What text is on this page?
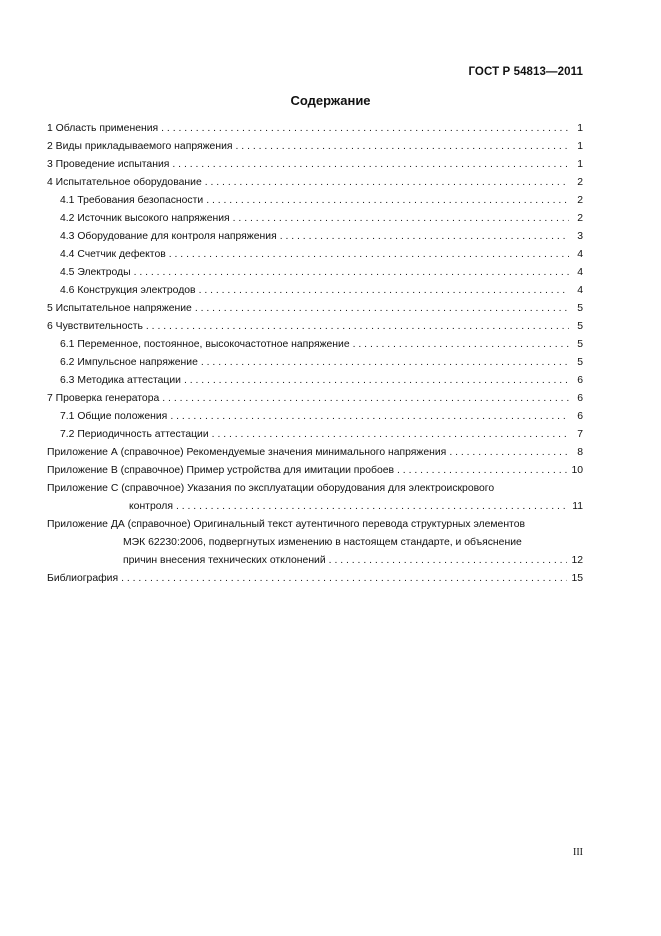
ГОСТ Р 54813—2011
Содержание
1 Область применения . . .	1
2 Виды прикладываемого напряжения . . .	1
3 Проведение испытания . . .	1
4 Испытательное оборудование . . .	2
4.1 Требования безопасности . . .	2
4.2 Источник высокого напряжения . . .	2
4.3 Оборудование для контроля напряжения . . .	3
4.4 Счетчик дефектов . . .	4
4.5 Электроды . . .	4
4.6 Конструкция электродов . . .	4
5 Испытательное напряжение . . .	5
6 Чувствительность . . .	5
6.1 Переменное, постоянное, высокочастотное напряжение . . .	5
6.2 Импульсное напряжение . . .	5
6.3 Методика аттестации . . .	6
7 Проверка генератора . . .	6
7.1 Общие положения . . .	6
7.2 Периодичность аттестации . . .	7
Приложение А (справочное) Рекомендуемые значения минимального напряжения . . .	8
Приложение В (справочное) Пример устройства для имитации пробоев . . .	10
Приложение С (справочное) Указания по эксплуатации оборудования для электроискрового
контроля . . .	11
Приложение ДА (справочное) Оригинальный текст аутентичного перевода структурных элементов
МЭК 62230:2006, подвергнутых изменению в настоящем стандарте, и объяснение
причин внесения технических отклонений . . .	12
Библиография . . .	15
III
